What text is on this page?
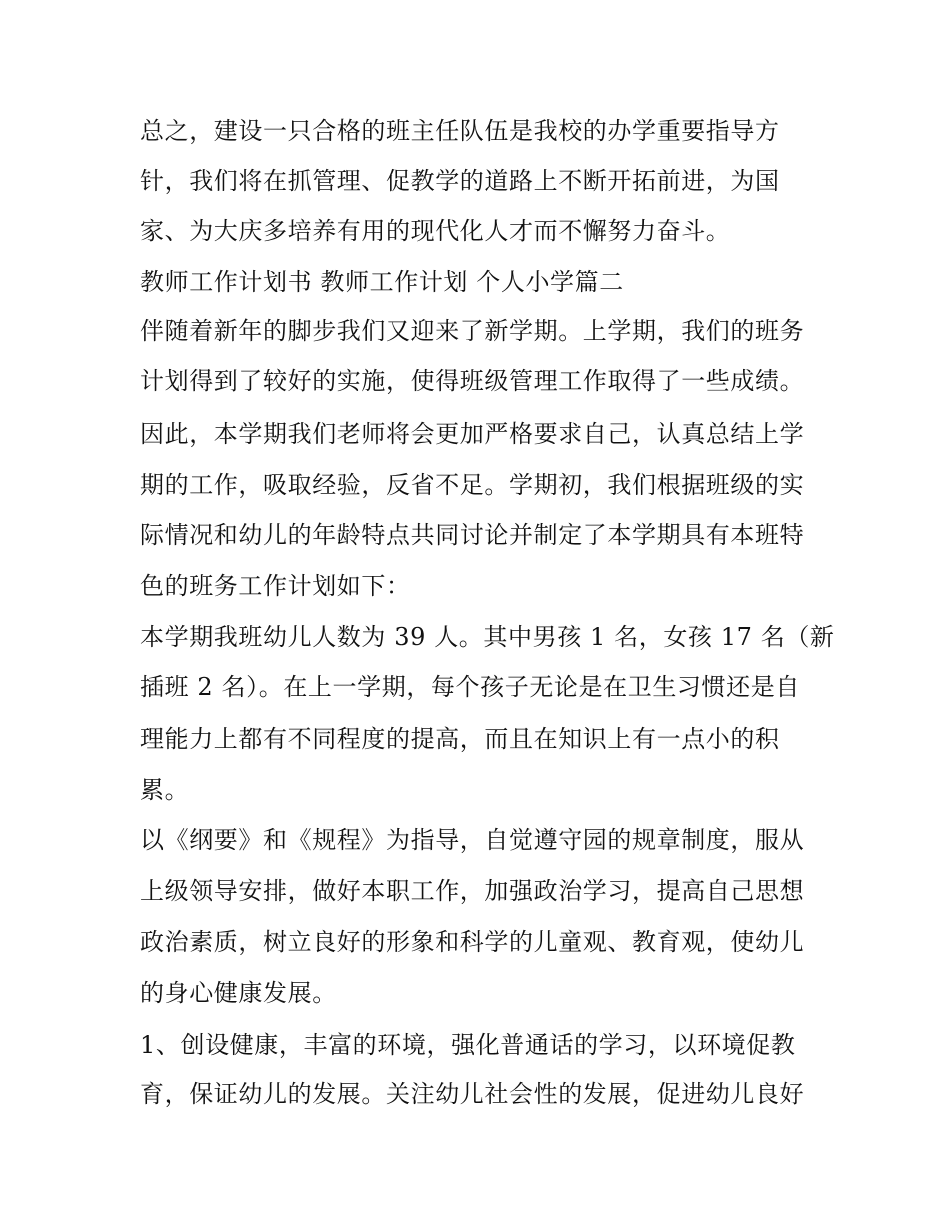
总之，建设一只合格的班主任队伍是我校的办学重要指导方
针，我们将在抓管理、促教学的道路上不断开拓前进，为国
家、为大庆多培养有用的现代化人才而不懈努力奋斗。
教师工作计划书 教师工作计划 个人小学篇二
伴随着新年的脚步我们又迎来了新学期。上学期，我们的班务
计划得到了较好的实施，使得班级管理工作取得了一些成绩。
因此，本学期我们老师将会更加严格要求自己，认真总结上学
期的工作，吸取经验，反省不足。学期初，我们根据班级的实
际情况和幼儿的年龄特点共同讨论并制定了本学期具有本班特
色的班务工作计划如下：
本学期我班幼儿人数为 39 人。其中男孩 1 名，女孩 17 名（新
插班 2 名）。在上一学期，每个孩子无论是在卫生习惯还是自
理能力上都有不同程度的提高，而且在知识上有一点小的积
累。
以《纲要》和《规程》为指导，自觉遵守园的规章制度，服从
上级领导安排，做好本职工作，加强政治学习，提高自己思想
政治素质，树立良好的形象和科学的儿童观、教育观，使幼儿
的身心健康发展。
1、创设健康，丰富的环境，强化普通话的学习，以环境促教
育，保证幼儿的发展。关注幼儿社会性的发展，促进幼儿良好
